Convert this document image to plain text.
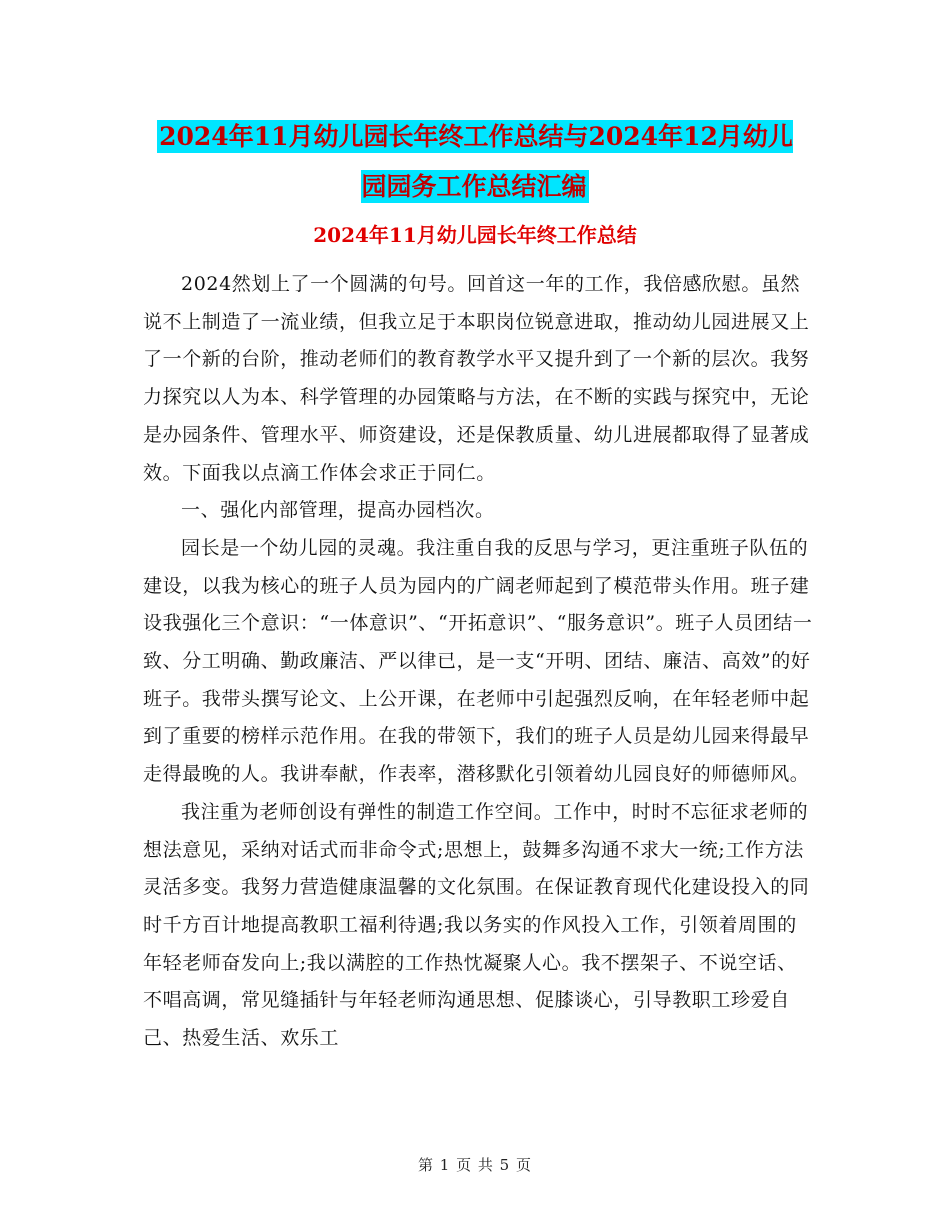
2024年11月幼儿园长年终工作总结与2024年12月幼儿园园务工作总结汇编
2024年11月幼儿园长年终工作总结

2024然划上了一个圆满的句号。回首这一年的工作，我倍感欣慰。虽然说不上制造了一流业绩，但我立足于本职岗位锐意进取，推动幼儿园进展又上了一个新的台阶，推动老师们的教育教学水平又提升到了一个新的层次。我努力探究以人为本、科学管理的办园策略与方法，在不断的实践与探究中，无论是办园条件、管理水平、师资建设，还是保教质量、幼儿进展都取得了显著成效。下面我以点滴工作体会求正于同仁。

一、强化内部管理，提高办园档次。

园长是一个幼儿园的灵魂。我注重自我的反思与学习，更注重班子队伍的建设，以我为核心的班子人员为园内的广阔老师起到了模范带头作用。班子建设我强化三个意识：“一体意识”、“开拓意识”、“服务意识”。班子人员团结一致、分工明确、勤政廉洁、严以律已，是一支“开明、团结、廉洁、高效”的好班子。我带头撰写论文、上公开课，在老师中引起强烈反响，在年轻老师中起到了重要的榜样示范作用。在我的带领下，我们的班子人员是幼儿园来得最早走得最晚的人。我讲奉献，作表率，潜移默化引领着幼儿园良好的师德师风。

我注重为老师创设有弹性的制造工作空间。工作中，时时不忘征求老师的想法意见，采纳对话式而非命令式;思想上，鼓舞多沟通不求大一统;工作方法灵活多变。我努力营造健康温馨的文化氛围。在保证教育现代化建设投入的同时千方百计地提高教职工福利待遇;我以务实的作风投入工作，引领着周围的年轻老师奋发向上;我以满腔的工作热忱凝聚人心。我不摆架子、不说空话、不唱高调，常见缝插针与年轻老师沟通思想、促膝谈心，引导教职工珍爱自己、热爱生活、欢乐工

第 1 页 共 5 页
